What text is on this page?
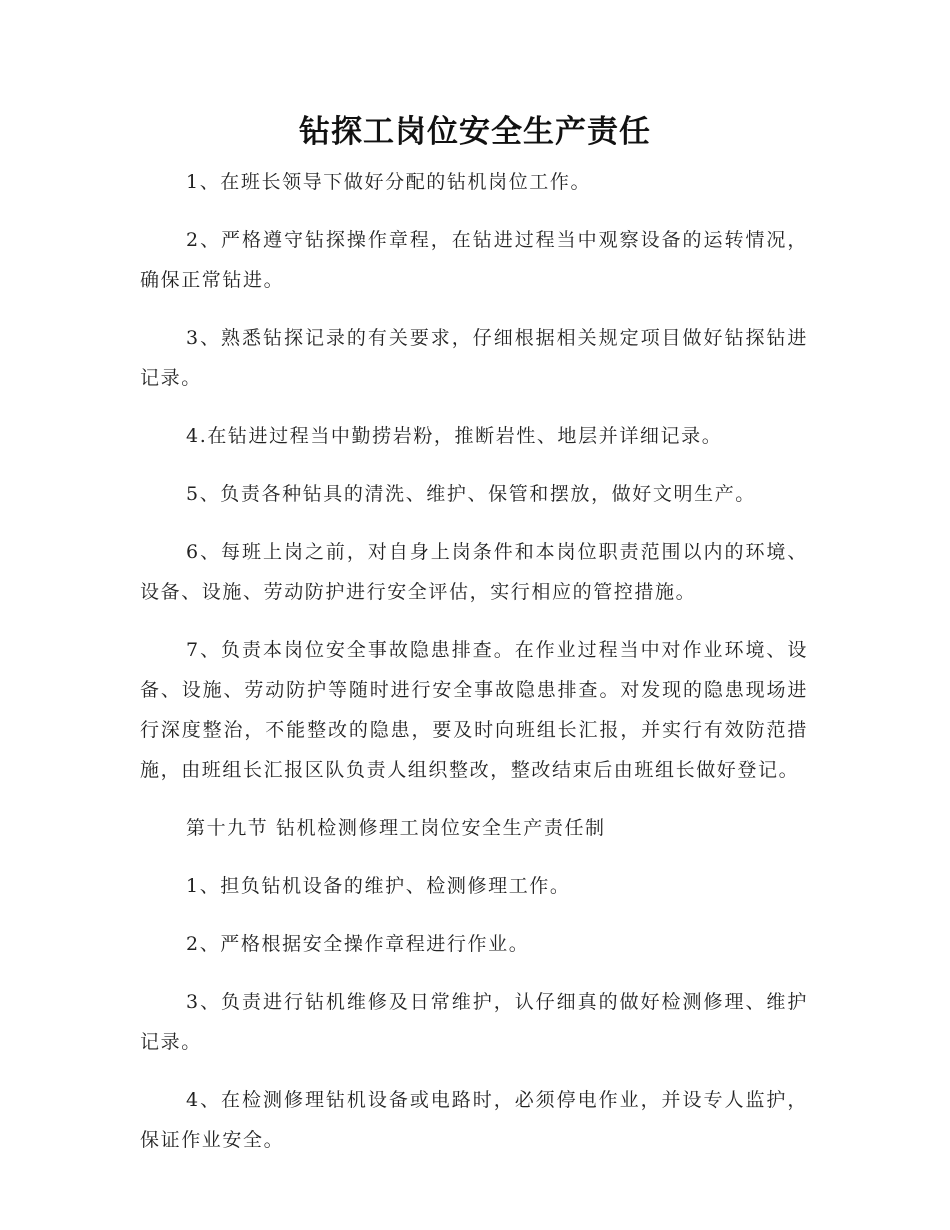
钻探工岗位安全生产责任

1、在班长领导下做好分配的钻机岗位工作。

2、严格遵守钻探操作章程，在钻进过程当中观察设备的运转情况，确保正常钻进。

3、熟悉钻探记录的有关要求，仔细根据相关规定项目做好钻探钻进记录。

4.在钻进过程当中勤捞岩粉，推断岩性、地层并详细记录。

5、负责各种钻具的清洗、维护、保管和摆放，做好文明生产。

6、每班上岗之前，对自身上岗条件和本岗位职责范围以内的环境、设备、设施、劳动防护进行安全评估，实行相应的管控措施。

7、负责本岗位安全事故隐患排查。在作业过程当中对作业环境、设备、设施、劳动防护等随时进行安全事故隐患排查。对发现的隐患现场进行深度整治，不能整改的隐患，要及时向班组长汇报，并实行有效防范措施，由班组长汇报区队负责人组织整改，整改结束后由班组长做好登记。

第十九节 钻机检测修理工岗位安全生产责任制

1、担负钻机设备的维护、检测修理工作。

2、严格根据安全操作章程进行作业。

3、负责进行钻机维修及日常维护，认仔细真的做好检测修理、维护记录。

4、在检测修理钻机设备或电路时，必须停电作业，并设专人监护，保证作业安全。
